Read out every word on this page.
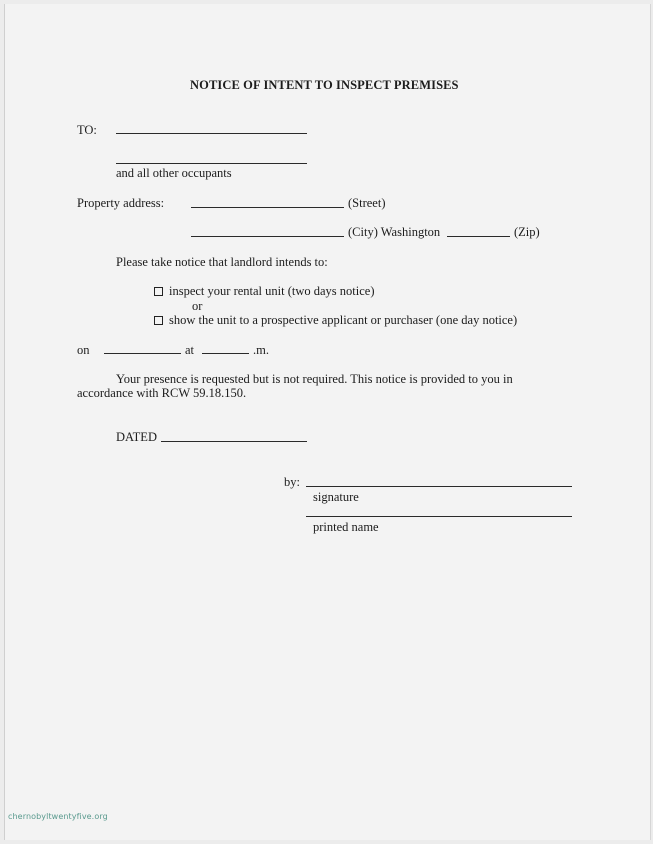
NOTICE OF INTENT TO INSPECT PREMISES
TO:
and all other occupants
Property address:	(Street)
(City) Washington	(Zip)
Please take notice that landlord intends to:
inspect your rental unit (two days notice)
or
show the unit to a prospective applicant or purchaser (one day notice)
on	at	.m.
Your presence is requested but is not required. This notice is provided to you in
accordance with RCW 59.18.150.
DATED
by:
signature
printed name
chernobyltwentyfive.org
